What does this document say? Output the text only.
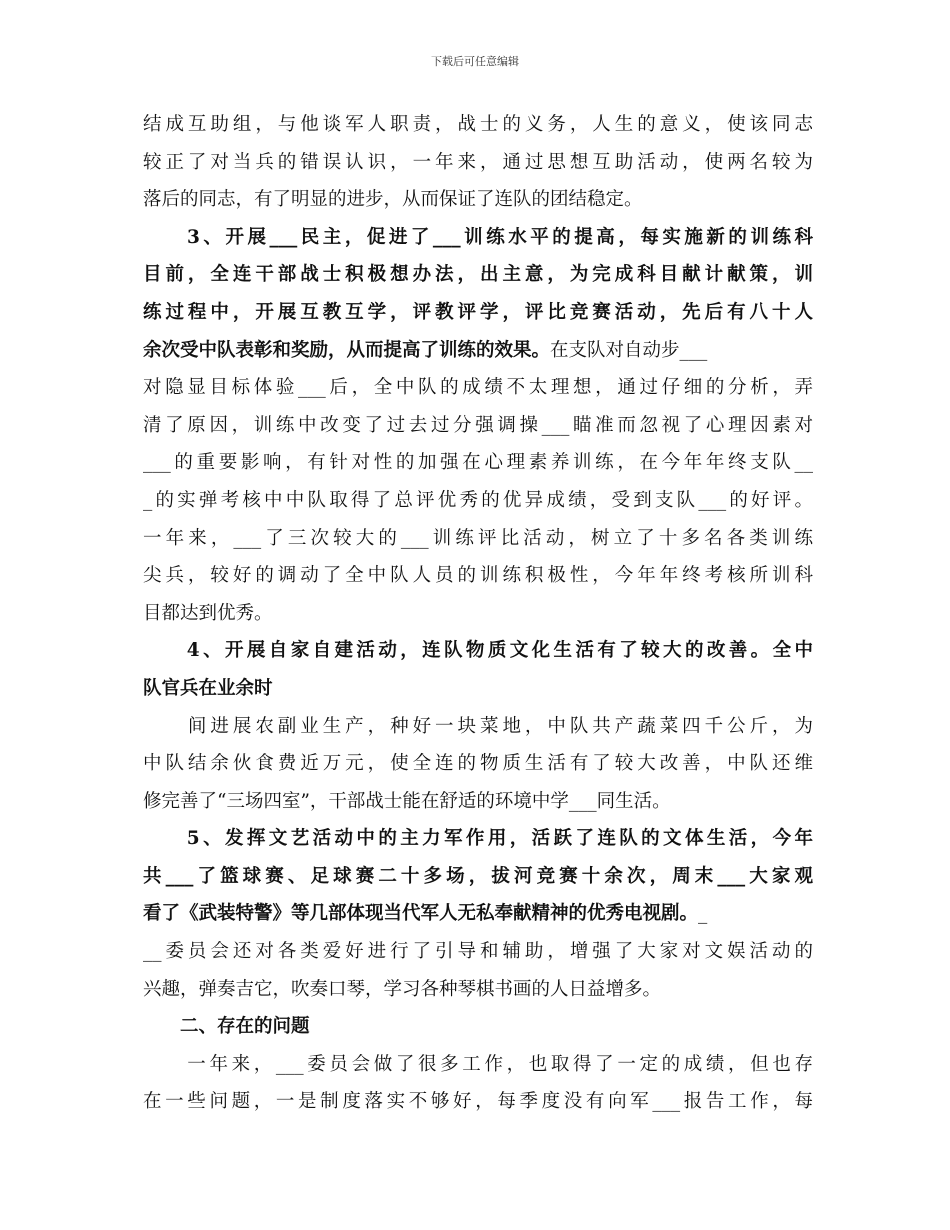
下载后可任意编辑
结成互助组，与他谈军人职责，战士的义务，人生的意义，使该同志
较正了对当兵的错误认识，一年来，通过思想互助活动，使两名较为
落后的同志，有了明显的进步，从而保证了连队的团结稳定。
　　3、开展___民主，促进了___训练水平的提高，每实施新的训练科
目前，全连干部战士积极想办法，出主意，为完成科目献计献策，训
练过程中，开展互教互学，评教评学，评比竞赛活动，先后有八十人
余次受中队表彰和奖励，从而提高了训练的效果。在支队对自动步___
对隐显目标体验___后，全中队的成绩不太理想，通过仔细的分析，弄
清了原因，训练中改变了过去过分强调操___瞄准而忽视了心理因素对
___的重要影响，有针对性的加强在心理素养训练，在今年年终支队__
_的实弹考核中中队取得了总评优秀的优异成绩，受到支队___的好评。
一年来，___了三次较大的___训练评比活动，树立了十多名各类训练
尖兵，较好的调动了全中队人员的训练积极性，今年年终考核所训科
目都达到优秀。
　　4、开展自家自建活动，连队物质文化生活有了较大的改善。全中
队官兵在业余时
　　间进展农副业生产，种好一块菜地，中队共产蔬菜四千公斤，为
中队结余伙食费近万元，使全连的物质生活有了较大改善，中队还维
修完善了“三场四室”，干部战士能在舒适的环境中学___同生活。
　　5、发挥文艺活动中的主力军作用，活跃了连队的文体生活，今年
共___了篮球赛、足球赛二十多场，拔河竞赛十余次，周末___大家观
看了《武装特警》等几部体现当代军人无私奉献精神的优秀电视剧。_
__委员会还对各类爱好进行了引导和辅助，增强了大家对文娱活动的
兴趣，弹奏吉它，吹奏口琴，学习各种琴棋书画的人日益增多。
　　二、存在的问题
　　一年来，___委员会做了很多工作，也取得了一定的成绩，但也存
在一些问题，一是制度落实不够好，每季度没有向军___报告工作，每
